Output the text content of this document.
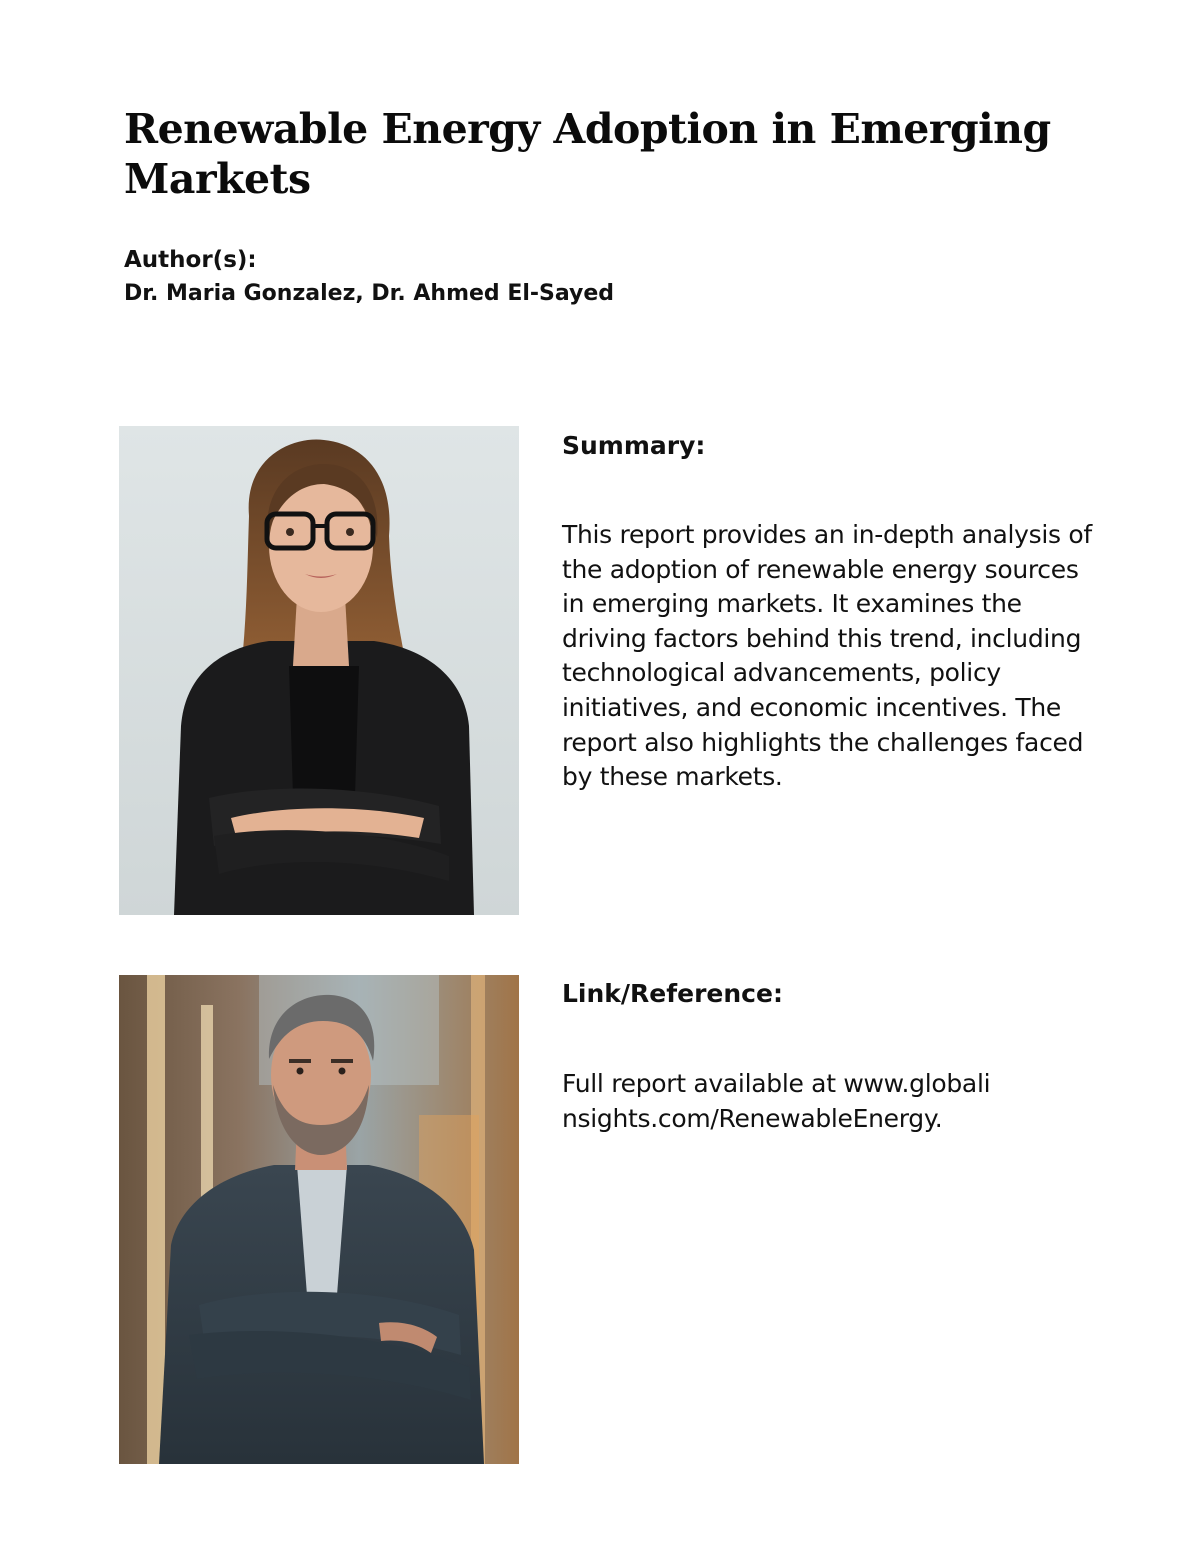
Renewable Energy Adoption in Emerging Markets
Author(s):
Dr. Maria Gonzalez, Dr. Ahmed El-Sayed
Summary:
This report provides an in-depth analysis of the adoption of renewable energy sources in emerging markets. It examines the driving factors behind this trend, including technological advancements, policy initiatives, and economic incentives. The report also highlights the challenges faced by these markets.
Link/Reference:
Full report available at www.globalinsights.com/RenewableEnergy.
